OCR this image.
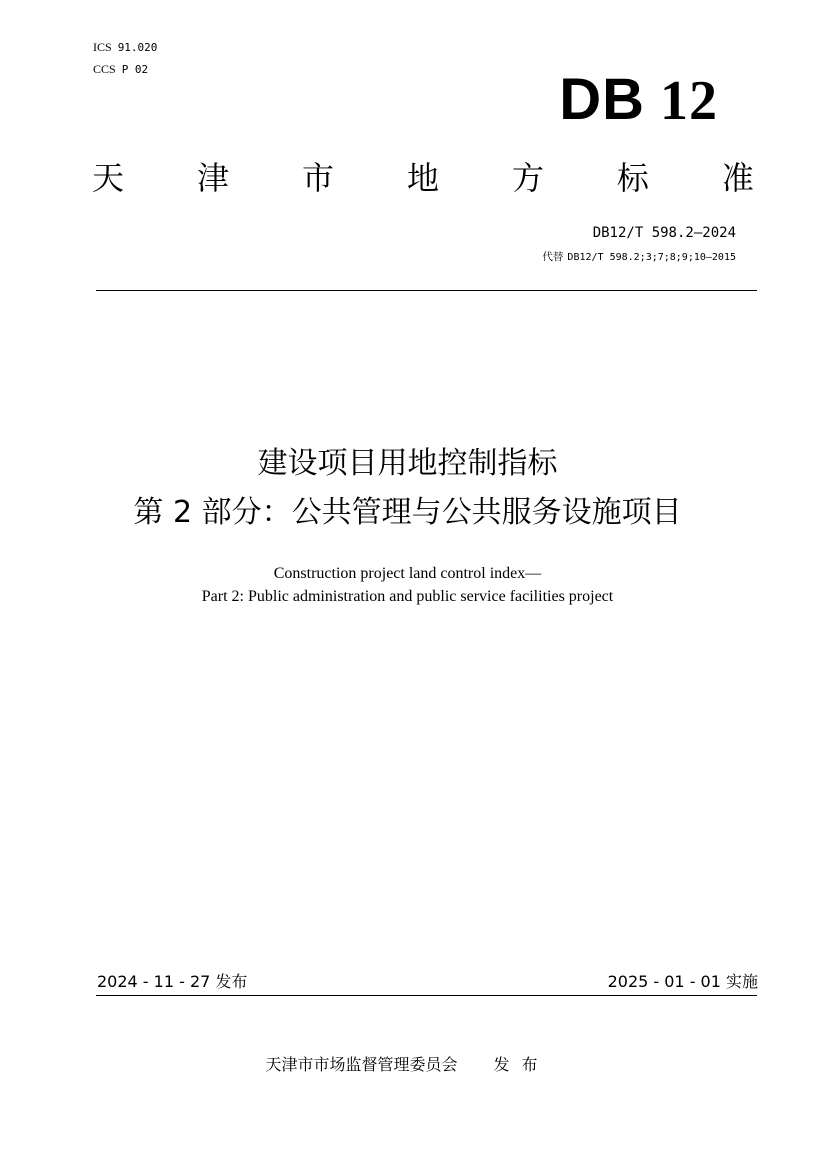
ICS 91.020
CCS P 02	DB 12
天 津 市 地 方 标 准
DB12/T 598.2—2024
代替 DB12/T 598.2;3;7;8;9;10—2015
建设项目用地控制指标
第 2 部分：公共管理与公共服务设施项目
Construction project land control index—
Part 2: Public administration and public service facilities project
2024 - 11 - 27 发布	2025 - 01 - 01 实施
天津市市场监督管理委员会 发布
